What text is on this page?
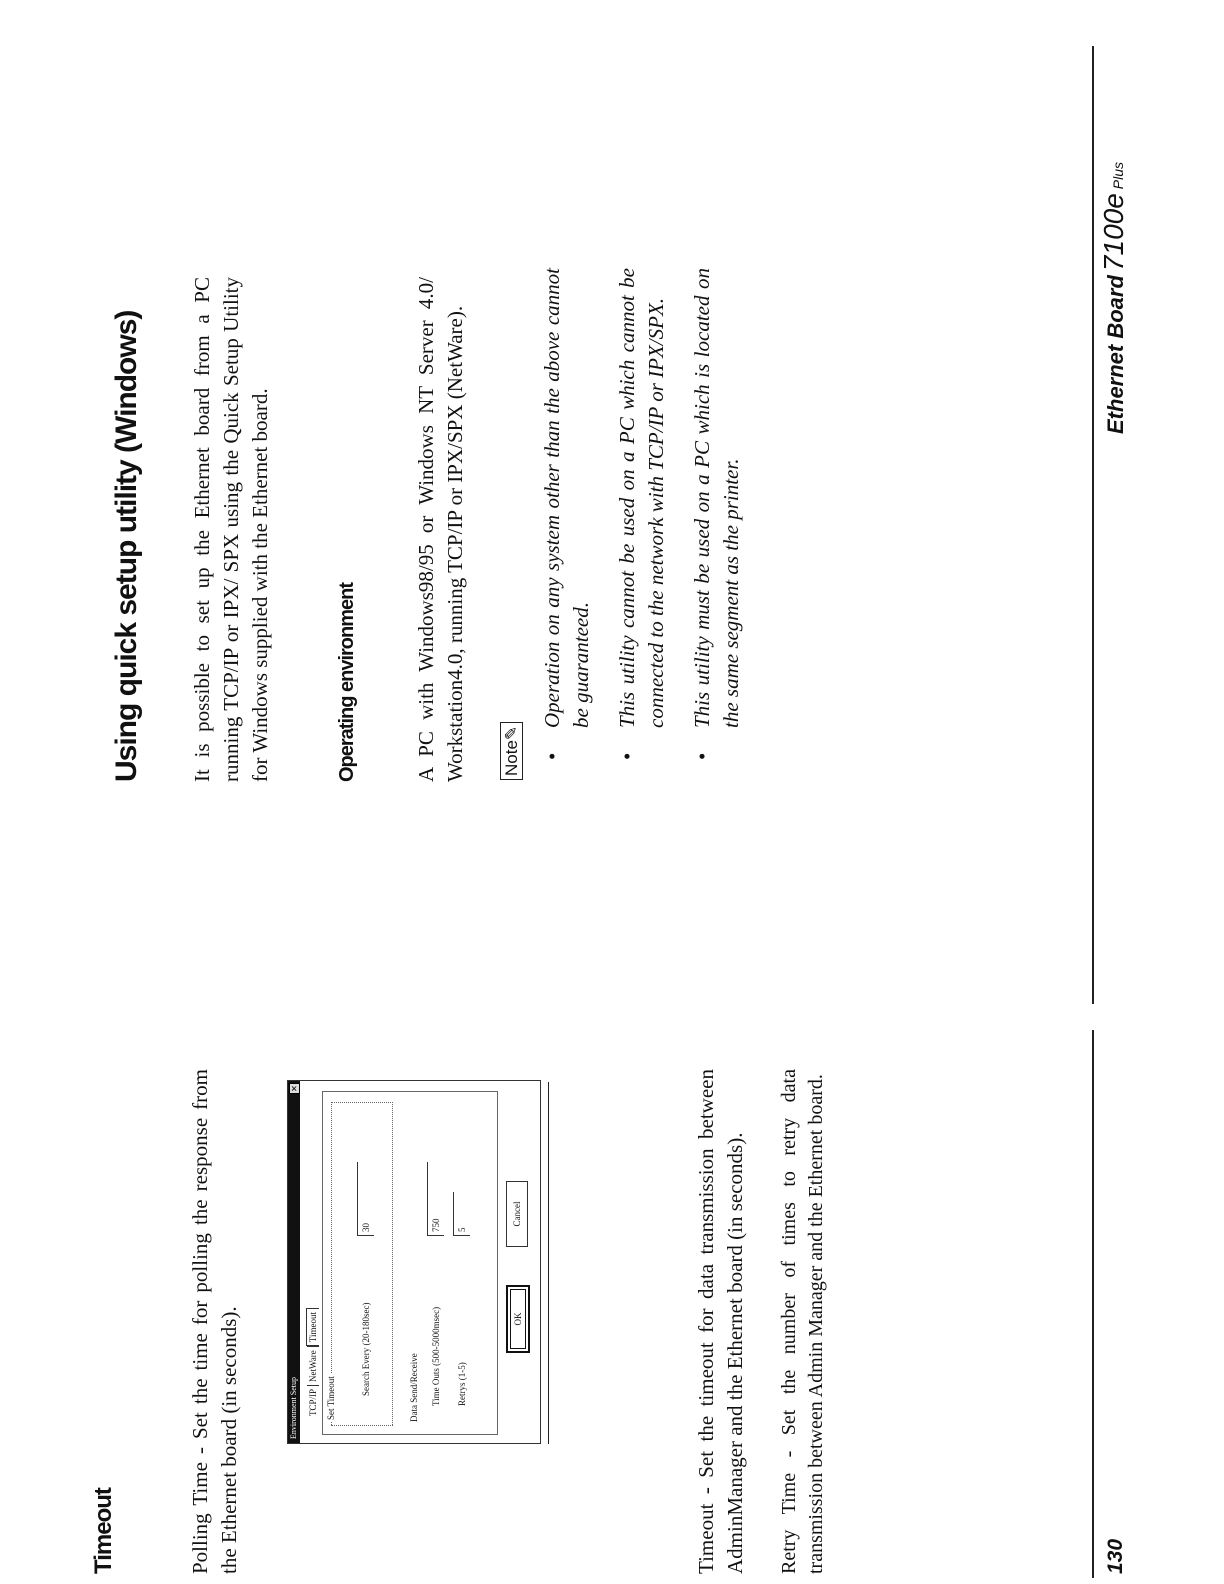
Timeout	Polling Time - Set the time for polling the response from the Ethernet board (in seconds).	Environment Setup
✕
TCP/IPNetWareTimeout
Set Timeout
Search Every (20-180sec)
30
Data Send/Receive Time Outs (500-5000msec)
750
Retrys (1-5)
5
OK
Cancel	Timeout - Set the timeout for data transmission between AdminManager and the Ethernet board (in seconds). Retry Time - Set the number of times to retry data transmission between Admin Manager and the Ethernet board.
Using quick setup utility (Windows) It is possible to set up the Ethernet board from a PC running TCP/IP or IPX/ SPX using the Quick Setup Utility for Windows supplied with the Ethernet board.	Operating environment	A PC with Windows98/95 or Windows NT Server 4.0/ Workstation4.0, running TCP/IP or IPX/SPX (NetWare). Note✎
•
Operation on any system other than the above cannot be guaranteed.
•
This utility cannot be used on a PC which cannot be connected to the network with TCP/IP or IPX/SPX.
•
This utility must be used on a PC which is located on the same segment as the printer.
130
Ethernet Board 7100e Plus
